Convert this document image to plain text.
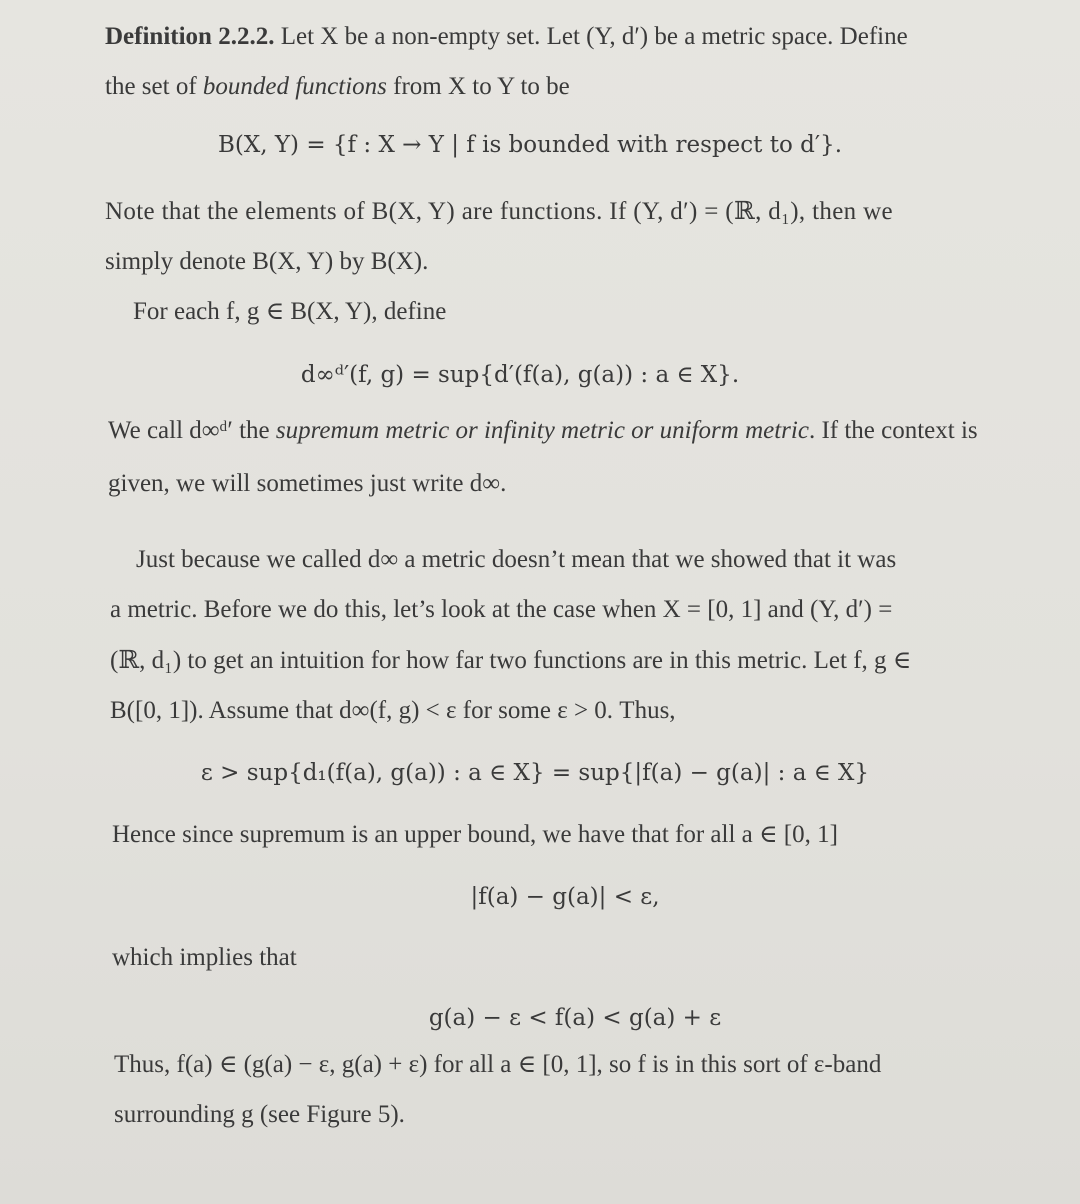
Definition 2.2.2. Let X be a non-empty set. Let (Y, d′) be a metric space. Define
the set of bounded functions from X to Y to be
B(X, Y) = {f : X → Y | f is bounded with respect to d′}.
Note that the elements of B(X, Y) are functions. If (Y, d′) = (ℝ, d₁), then we
simply denote B(X, Y) by B(X).
For each f, g ∈ B(X, Y), define
d∞ᵈ′(f, g) = sup{d′(f(a), g(a)) : a ∈ X}.
We call d∞ᵈ′ the supremum metric or infinity metric or uniform metric. If the context is
given, we will sometimes just write d∞.
Just because we called d∞ a metric doesn’t mean that we showed that it was
a metric. Before we do this, let’s look at the case when X = [0, 1] and (Y, d′) =
(ℝ, d₁) to get an intuition for how far two functions are in this metric. Let f, g ∈
B([0, 1]). Assume that d∞(f, g) < ε for some ε > 0. Thus,
ε > sup{d₁(f(a), g(a)) : a ∈ X} = sup{|f(a) − g(a)| : a ∈ X}
Hence since supremum is an upper bound, we have that for all a ∈ [0, 1]
|f(a) − g(a)| < ε,
which implies that
g(a) − ε < f(a) < g(a) + ε
Thus, f(a) ∈ (g(a) − ε, g(a) + ε) for all a ∈ [0, 1], so f is in this sort of ε-band
surrounding g (see Figure 5).
